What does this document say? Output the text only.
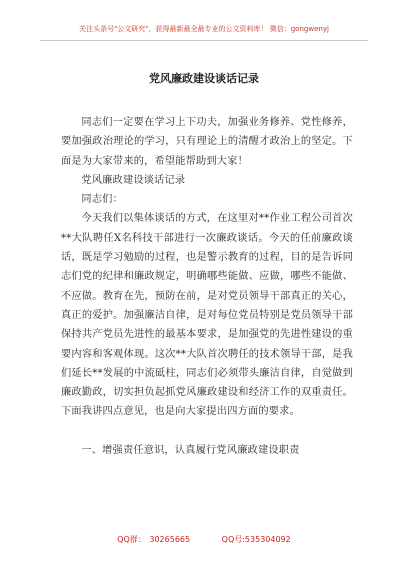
关注头条号"公文研究"，获得最新最全最专业的公文资料库！ 微信：gongwenyj
党风廉政建设谈话记录

同志们一定要在学习上下功夫，加强业务修养、党性修养，要加强政治理论的学习，只有理论上的清醒才政治上的坚定。下面是为大家带来的，希望能帮助到大家！

党风廉政建设谈话记录

同志们：

今天我们以集体谈话的方式，在这里对**作业工程公司首次**大队聘任X名科技干部进行一次廉政谈话。今天的任前廉政谈话，既是学习勉励的过程，也是警示教育的过程，目的是告诉同志们党的纪律和廉政规定，明确哪些能做、应做，哪些不能做、不应做。教育在先，预防在前，是对党员领导干部真正的关心，真正的爱护。加强廉洁自律，是对每位党员特别是党员领导干部保持共产党员先进性的最基本要求，是加强党的先进性建设的重要内容和客观体现。这次**大队首次聘任的技术领导干部，是我们延长**发展的中流砥柱，同志们必须带头廉洁自律，自觉做到廉政勤政，切实担负起抓党风廉政建设和经济工作的双重责任。下面我讲四点意见，也是向大家提出四方面的要求。

一、增强责任意识，认真履行党风廉政建设职责

QQ群： 30265665	QQ号:535304092
